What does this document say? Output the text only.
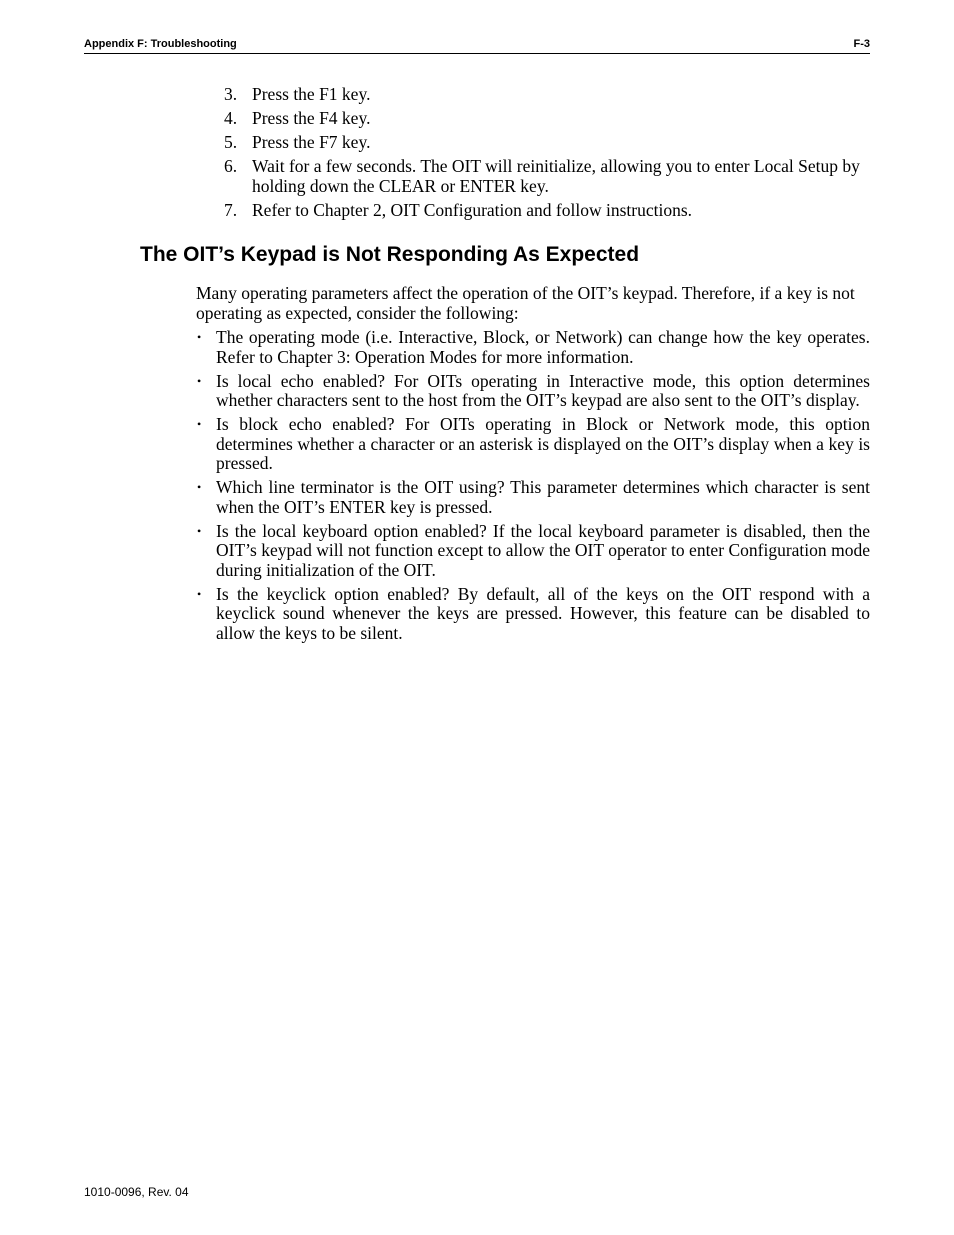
Appendix F: Troubleshooting	F-3
3. Press the F1 key.
4. Press the F4 key.
5. Press the F7 key.
6. Wait for a few seconds. The OIT will reinitialize, allowing you to enter Local Setup by holding down the CLEAR or ENTER key.
7. Refer to Chapter 2, OIT Configuration and follow instructions.
The OIT’s Keypad is Not Responding As Expected
Many operating parameters affect the operation of the OIT’s keypad. Therefore, if a key is not operating as expected, consider the following:
• The operating mode (i.e. Interactive, Block, or Network) can change how the key operates. Refer to Chapter 3: Operation Modes for more information.
• Is local echo enabled? For OITs operating in Interactive mode, this option determines whether characters sent to the host from the OIT’s keypad are also sent to the OIT’s display.
• Is block echo enabled? For OITs operating in Block or Network mode, this option determines whether a character or an asterisk is displayed on the OIT’s display when a key is pressed.
• Which line terminator is the OIT using? This parameter determines which character is sent when the OIT’s ENTER key is pressed.
• Is the local keyboard option enabled? If the local keyboard parameter is disabled, then the OIT’s keypad will not function except to allow the OIT operator to enter Configuration mode during initialization of the OIT.
• Is the keyclick option enabled? By default, all of the keys on the OIT respond with a keyclick sound whenever the keys are pressed. However, this feature can be disabled to allow the keys to be silent.
1010-0096, Rev. 04
